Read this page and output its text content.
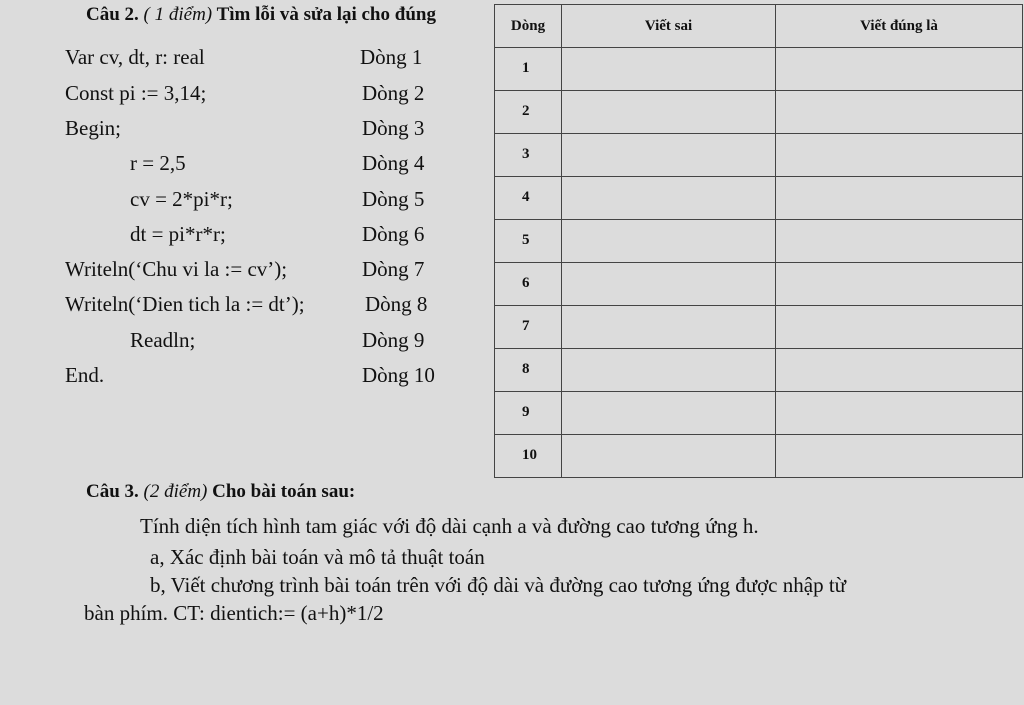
Câu 2. ( 1 điểm) Tìm lỗi và sửa lại cho đúng
Var cv, dt, r: real	Dòng 1
Const pi := 3,14;	Dòng 2
Begin;	Dòng 3
r = 2,5	Dòng 4
cv = 2*pi*r;	Dòng 5
dt = pi*r*r;	Dòng 6
Writeln(‘Chu vi la := cv’);	Dòng 7
Writeln(‘Dien tich la := dt’);	Dòng 8
Readln;	Dòng 9
End.	Dòng 10
Dòng	Viết sai	Viết đúng là
1		
2		
3		
4		
5		
6		
7		
8		
9		
10		
Câu 3. (2 điểm) Cho bài toán sau:
Tính diện tích hình tam giác với độ dài cạnh a và đường cao tương ứng h.
a, Xác định bài toán và mô tả thuật toán
b, Viết chương trình bài toán trên với độ dài và đường cao tương ứng được nhập từ
bàn phím. CT: dientich:= (a+h)*1/2
